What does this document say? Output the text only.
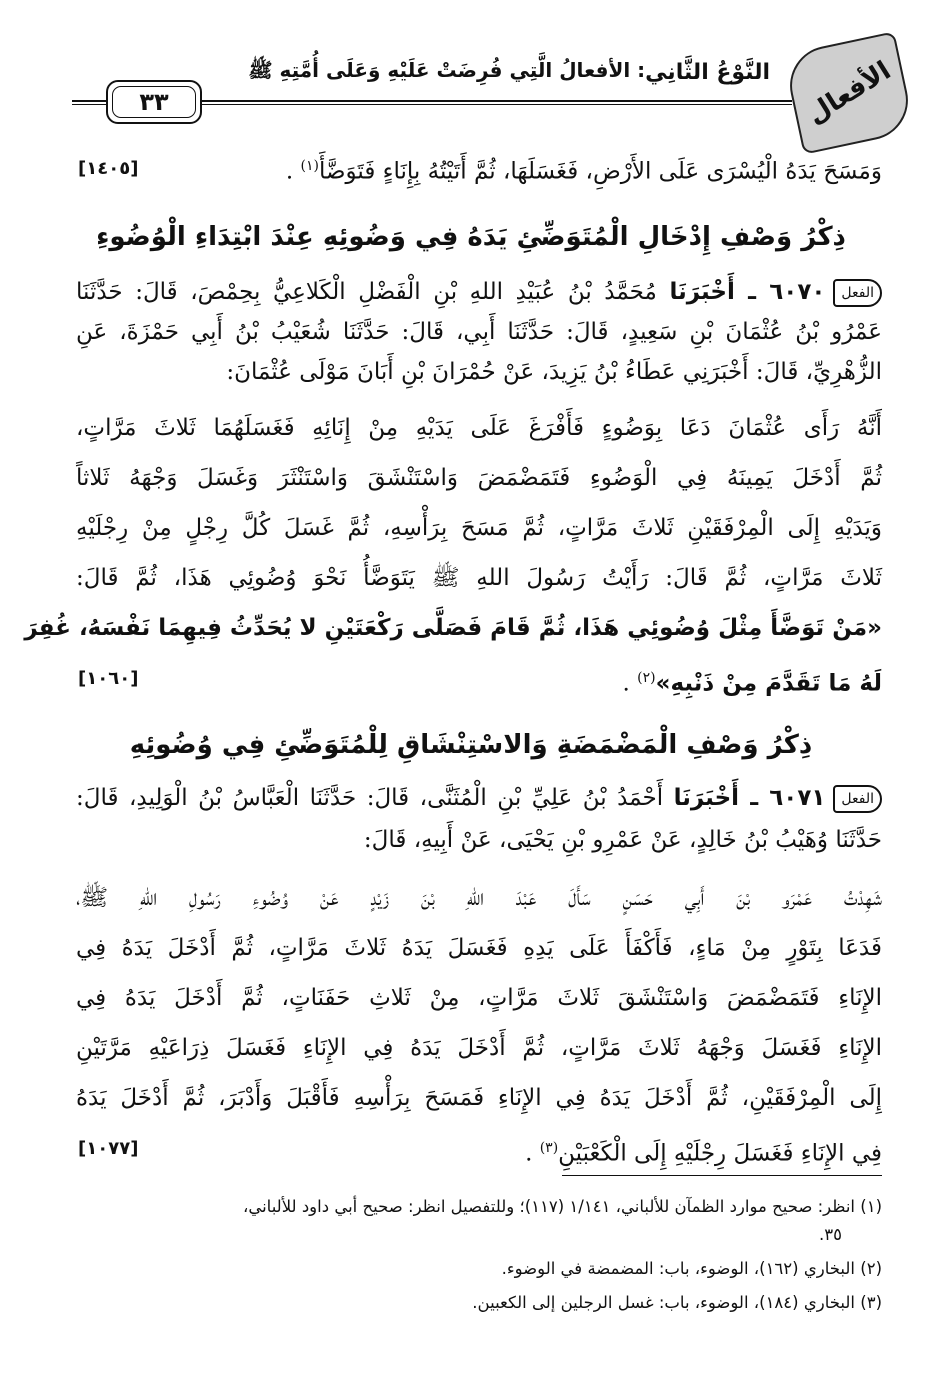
الأفعال
النَّوْعُ الثَّانِي
: الأفعالُ الَّتِي فُرِضَتْ عَلَيْهِ وَعَلَى أُمَّتِهِ ﷺ
٣٣
وَمَسَحَ يَدَهُ الْيُسْرَى عَلَى الأَرْضِ، فَغَسَلَهَا، ثُمَّ أَتَيْتُهُ بِإِنَاءٍ فَتَوَضَّأَ$^{(١)}$ .
[١٤٠٥]
ذِكْرُ وَصْفِ إِدْخَالِ الْمُتَوَضِّئِ يَدَهُ فِي وَضُوئِهِ عِنْدَ ابْتِدَاءِ الْوُضُوءِ
الفعل٦٠٧٠ ـ أَخْبَرَنَا مُحَمَّدُ بْنُ عُبَيْدِ اللهِ بْنِ الْفَضْلِ الْكَلاعِيُّ بِحِمْصَ، قَالَ: حَدَّثَنَا
عَمْرُو بْنُ عُثْمَانَ بْنِ سَعِيدٍ، قَالَ: حَدَّثَنَا أَبِي، قَالَ: حَدَّثَنَا شُعَيْبُ بْنُ أَبِي حَمْزَةَ، عَنِ
الزُّهْرِيِّ، قَالَ: أَخْبَرَنِي عَطَاءُ بْنُ يَزِيدَ، عَنْ حُمْرَانَ بْنِ أَبَانَ مَوْلَى عُثْمَانَ:
أَنَّهُ رَأَى عُثْمَانَ دَعَا بِوَضُوءٍ فَأَفْرَغَ عَلَى يَدَيْهِ مِنْ إِنَائِهِ فَغَسَلَهُمَا ثَلاثَ مَرَّاتٍ،
ثُمَّ أَدْخَلَ يَمِينَهُ فِي الْوَضُوءِ فَتَمَضْمَضَ وَاسْتَنْشَقَ وَاسْتَنْثَرَ وَغَسَلَ وَجْهَهُ ثَلاثاً
وَيَدَيْهِ إِلَى الْمِرْفَقَيْنِ ثَلاثَ مَرَّاتٍ، ثُمَّ مَسَحَ بِرَأْسِهِ، ثُمَّ غَسَلَ كُلَّ رِجْلٍ مِنْ رِجْلَيْهِ
ثَلاثَ مَرَّاتٍ، ثُمَّ قَالَ: رَأَيْتُ رَسُولَ اللهِ ﷺ يَتَوَضَّأُ نَحْوَ وُضُوئِي هَذَا، ثُمَّ قَالَ:
«مَنْ تَوَضَّأَ مِثْلَ وُضُوئِي هَذَا، ثُمَّ قَامَ فَصَلَّى رَكْعَتَيْنِ لا يُحَدِّثُ فِيهِمَا نَفْسَهُ، غُفِرَ
لَهُ مَا تَقَدَّمَ مِنْ ذَنْبِهِ»$^{(٢)}$ .
[١٠٦٠]
ذِكْرُ وَصْفِ الْمَضْمَضَةِ وَالاسْتِنْشَاقِ لِلْمُتَوَضِّئِ فِي وُضُوئِهِ
الفعل٦٠٧١ ـ أَخْبَرَنَا أَحْمَدُ بْنُ عَلِيِّ بْنِ الْمُثَنَّى، قَالَ: حَدَّثَنَا الْعَبَّاسُ بْنُ الْوَلِيدِ، قَالَ:
حَدَّثَنَا وُهَيْبُ بْنُ خَالِدٍ، عَنْ عَمْرِو بْنِ يَحْيَى، عَنْ أَبِيهِ، قَالَ:
شَهِدْتُ عَمْرَو بْنَ أَبِي حَسَنٍ سَأَلَ عَبْدَ اللهِ بْنَ زَيْدٍ عَنْ وُضُوءِ رَسُولِ اللهِ ﷺ،
فَدَعَا بِتَوْرٍ مِنْ مَاءٍ، فَأَكْفَأَ عَلَى يَدِهِ فَغَسَلَ يَدَهُ ثَلاثَ مَرَّاتٍ، ثُمَّ أَدْخَلَ يَدَهُ فِي
الإِنَاءِ فَتَمَضْمَضَ وَاسْتَنْشَقَ ثَلاثَ مَرَّاتٍ، مِنْ ثَلاثِ حَفَنَاتٍ، ثُمَّ أَدْخَلَ يَدَهُ فِي
الإِنَاءِ فَغَسَلَ وَجْهَهُ ثَلاثَ مَرَّاتٍ، ثُمَّ أَدْخَلَ يَدَهُ فِي الإِنَاءِ فَغَسَلَ ذِرَاعَيْهِ مَرَّتَيْنِ
إِلَى الْمِرْفَقَيْنِ، ثُمَّ أَدْخَلَ يَدَهُ فِي الإِنَاءِ فَمَسَحَ بِرَأْسِهِ فَأَقْبَلَ وَأَدْبَرَ، ثُمَّ أَدْخَلَ يَدَهُ
فِي الإِنَاءِ فَغَسَلَ رِجْلَيْهِ إِلَى الْكَعْبَيْنِ$^{(٣)}$ .
[١٠٧٧]
(١) انظر: صحيح موارد الظمآن للألباني، ١/١٤١ (١١٧)؛ وللتفصيل انظر: صحيح أبي داود للألباني،
٣٥.
(٢) البخاري (١٦٢)، الوضوء، باب: المضمضة في الوضوء.
(٣) البخاري (١٨٤)، الوضوء، باب: غسل الرجلين إلى الكعبين.
